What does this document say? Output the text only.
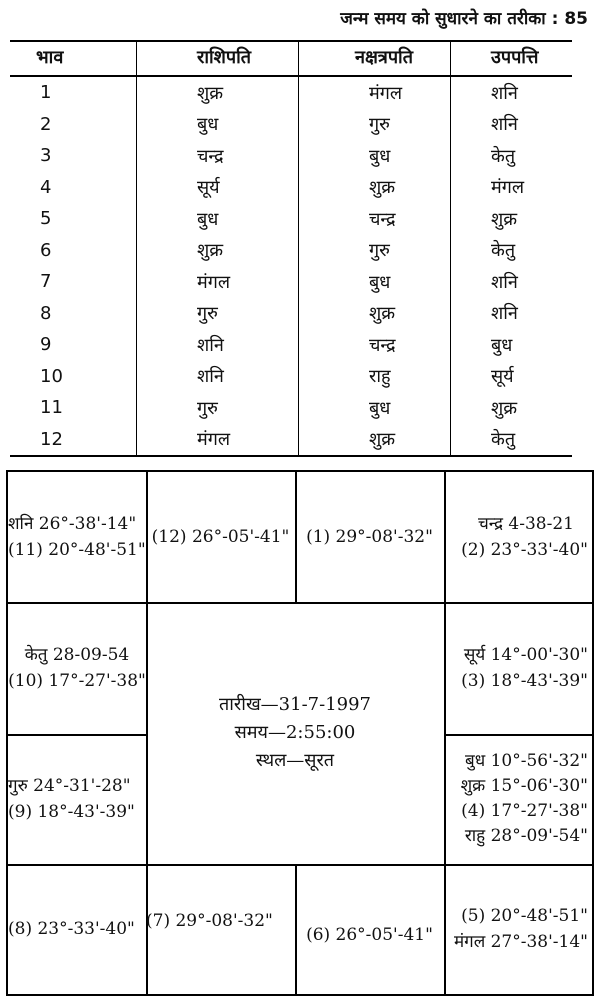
जन्म समय को सुधारने का तरीका : 85
भाव	राशिपति	नक्षत्रपति	उपपत्ति
1	शुक्र	मंगल	शनि
2	बुध	गुरु	शनि
3	चन्द्र	बुध	केतु
4	सूर्य	शुक्र	मंगल
5	बुध	चन्द्र	शुक्र
6	शुक्र	गुरु	केतु
7	मंगल	बुध	शनि
8	गुरु	शुक्र	शनि
9	शनि	चन्द्र	बुध
10	शनि	राहु	सूर्य
11	गुरु	बुध	शुक्र
12	मंगल	शुक्र	केतु
शनि 26°-38'-14"
(11) 20°-48'-51"
(12) 26°-05'-41" (1) 29°-08'-32"
चन्द्र 4-38-21
(2) 23°-33'-40"
केतु 28-09-54
(10) 17°-27'-38"
सूर्य 14°-00'-30"
(3) 18°-43'-39"
तारीख—31-7-1997
समय—2:55:00
स्थल—सूरत
गुरु 24°-31'-28"
(9) 18°-43'-39"
बुध 10°-56'-32"
शुक्र 15°-06'-30"
(4) 17°-27'-38"
राहु 28°-09'-54"
(8) 23°-33'-40" (7) 29°-08'-32"
(6) 26°-05'-41"
(5) 20°-48'-51"
मंगल 27°-38'-14"
